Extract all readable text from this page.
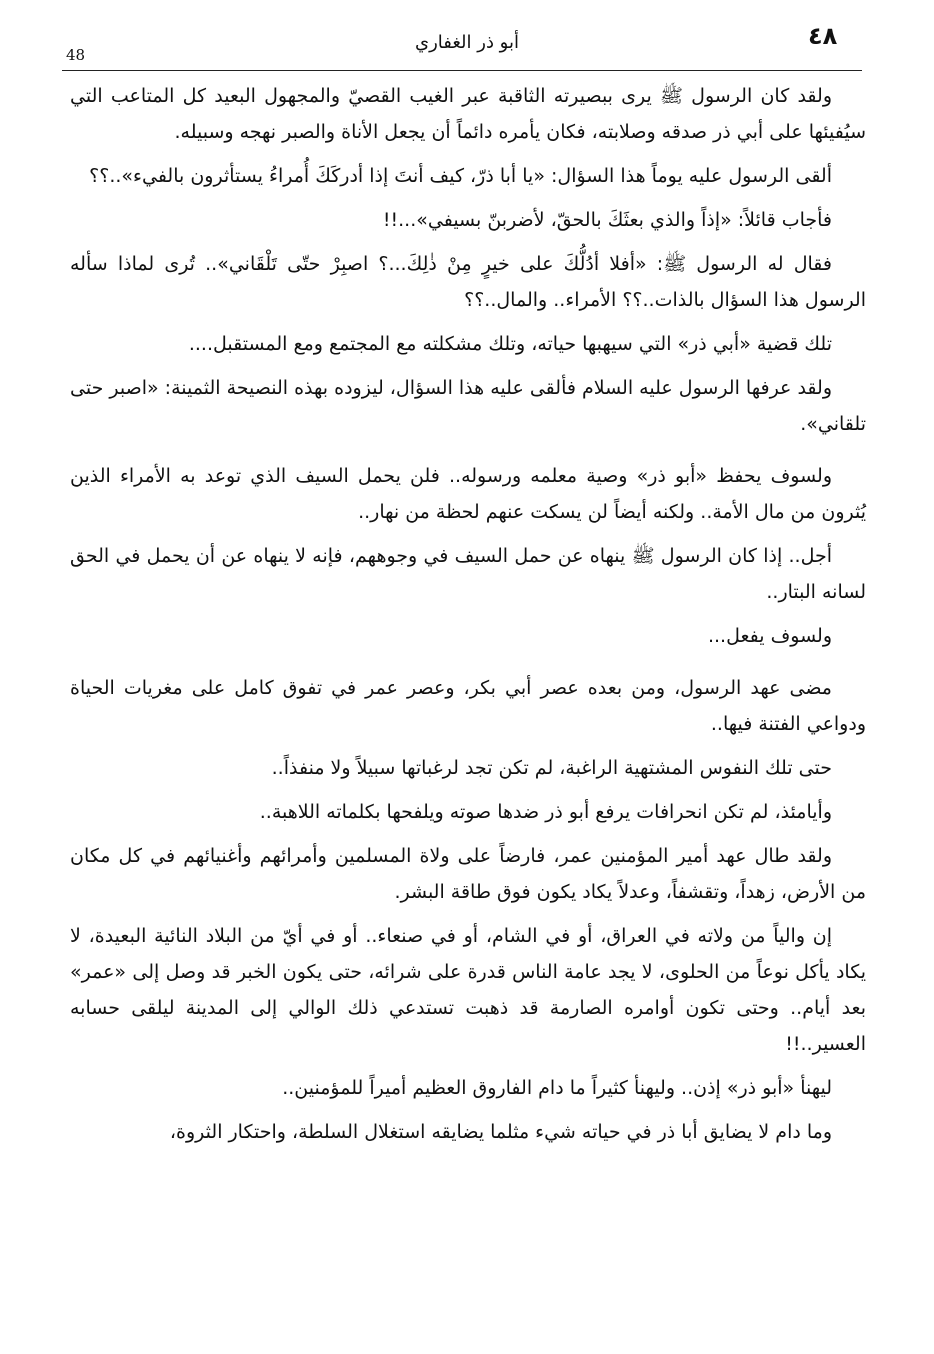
٤٨
أبو ذر الغفاري
48

ولقد كان الرسول ﷺ يرى ببصيرته الثاقبة عبر الغيب القصيّ والمجهول البعيد كل المتاعب التي سيُفيئها على أبي ذر صدقه وصلابته، فكان يأمره دائماً أن يجعل الأناة والصبر نهجه وسبيله.

ألقى الرسول عليه يوماً هذا السؤال: «يا أبا ذرّ، كيف أنتَ إذا أدركَكَ أُمراءُ يستأثرون بالفيء»..؟؟

فأجاب قائلاً: «إذاً والذي بعثَكَ بالحقّ، لأضربنّ بسيفي»...!!

فقال له الرسول ﷺ: «أفلا أدُلُّكَ على خيرٍ مِنْ ذٰلِكَ...؟ اصبِرْ حتّى تَلْقَاني».. تُرى لماذا سأله الرسول هذا السؤال بالذات..؟؟ الأمراء.. والمال..؟؟

تلك قضية «أبي ذر» التي سيهبها حياته، وتلك مشكلته مع المجتمع ومع المستقبل....

ولقد عرفها الرسول عليه السلام فألقى عليه هذا السؤال، ليزوده بهذه النصيحة الثمينة: «اصبر حتى تلقاني».

ولسوف يحفظ «أبو ذر» وصية معلمه ورسوله.. فلن يحمل السيف الذي توعد به الأمراء الذين يُثرون من مال الأمة.. ولكنه أيضاً لن يسكت عنهم لحظة من نهار..

أجل.. إذا كان الرسول ﷺ ينهاه عن حمل السيف في وجوههم، فإنه لا ينهاه عن أن يحمل في الحق لسانه البتار..

ولسوف يفعل...

مضى عهد الرسول، ومن بعده عصر أبي بكر، وعصر عمر في تفوق كامل على مغريات الحياة ودواعي الفتنة فيها..

حتى تلك النفوس المشتهية الراغبة، لم تكن تجد لرغباتها سبيلاً ولا منفذاً..

وأيامئذ، لم تكن انحرافات يرفع أبو ذر ضدها صوته ويلفحها بكلماته اللاهبة..

ولقد طال عهد أمير المؤمنين عمر، فارضاً على ولاة المسلمين وأمرائهم وأغنيائهم في كل مكان من الأرض، زهداً، وتقشفاً، وعدلاً يكاد يكون فوق طاقة البشر.

إن والياً من ولاته في العراق، أو في الشام، أو في صنعاء.. أو في أيّ من البلاد النائية البعيدة، لا يكاد يأكل نوعاً من الحلوى، لا يجد عامة الناس قدرة على شرائه، حتى يكون الخبر قد وصل إلى «عمر» بعد أيام.. وحتى تكون أوامره الصارمة قد ذهبت تستدعي ذلك الوالي إلى المدينة ليلقى حسابه العسير..!!

ليهنأ «أبو ذر» إذن.. وليهنأ كثيراً ما دام الفاروق العظيم أميراً للمؤمنين..

وما دام لا يضايق أبا ذر في حياته شيء مثلما يضايقه استغلال السلطة، واحتكار الثروة،
